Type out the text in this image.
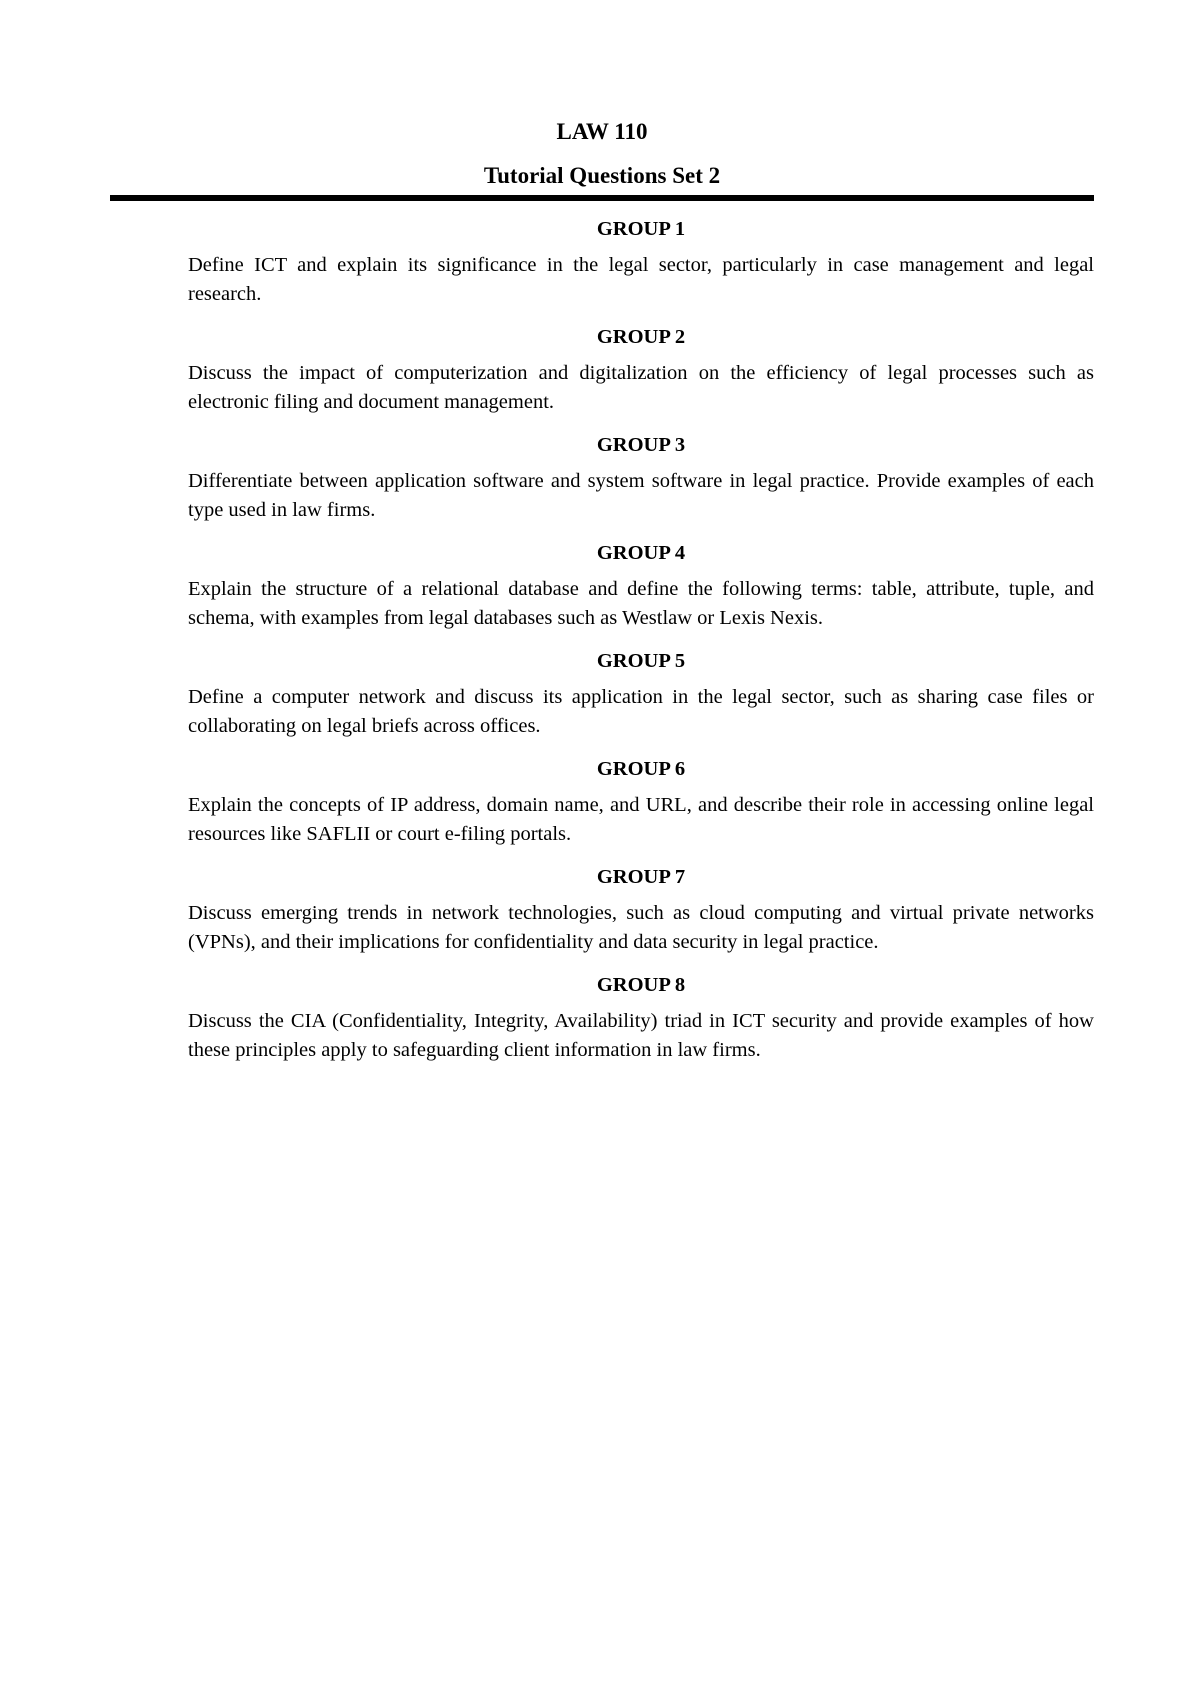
LAW 110
Tutorial Questions Set 2
GROUP 1

Define ICT and explain its significance in the legal sector, particularly in case management and legal research.

GROUP 2

Discuss the impact of computerization and digitalization on the efficiency of legal processes such as electronic filing and document management.

GROUP 3

Differentiate between application software and system software in legal practice. Provide examples of each type used in law firms.

GROUP 4

Explain the structure of a relational database and define the following terms: table, attribute, tuple, and schema, with examples from legal databases such as Westlaw or Lexis Nexis.

GROUP 5

Define a computer network and discuss its application in the legal sector, such as sharing case files or collaborating on legal briefs across offices.

GROUP 6

Explain the concepts of IP address, domain name, and URL, and describe their role in accessing online legal resources like SAFLII or court e-filing portals.

GROUP 7

Discuss emerging trends in network technologies, such as cloud computing and virtual private networks (VPNs), and their implications for confidentiality and data security in legal practice.

GROUP 8

Discuss the CIA (Confidentiality, Integrity, Availability) triad in ICT security and provide examples of how these principles apply to safeguarding client information in law firms.
